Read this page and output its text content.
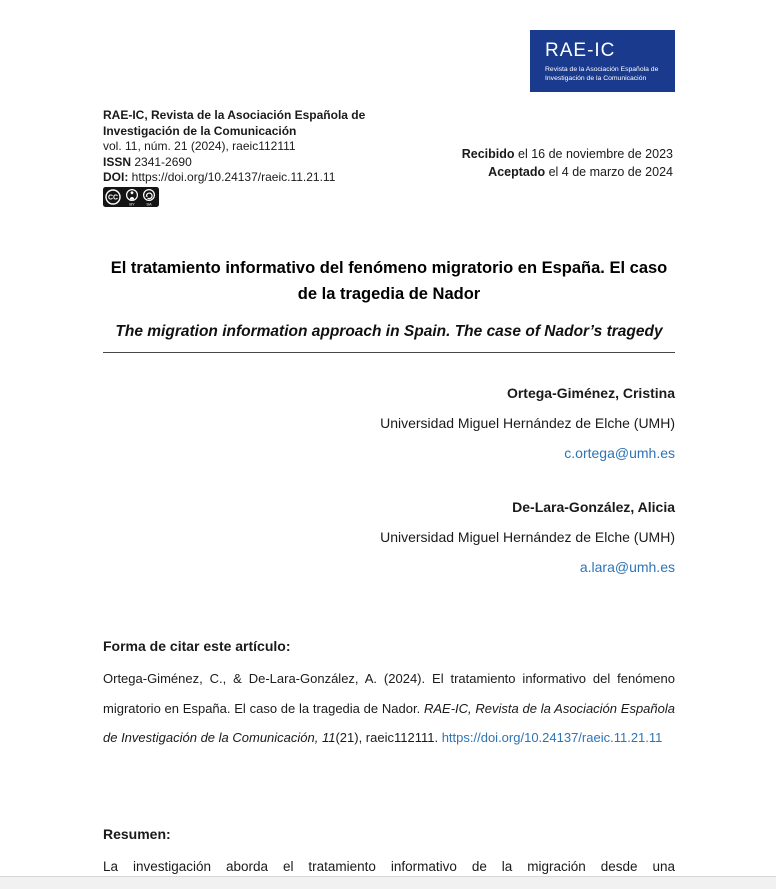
RAE-IC
Revista de la Asociación Española de Investigación de la Comunicación
RAE-IC, Revista de la Asociación Española de Investigación de la Comunicación
vol. 11, núm. 21 (2024), raeic112111
ISSN 2341-2690
DOI: https://doi.org/10.24137/raeic.11.21.11
Recibido el 16 de noviembre de 2023
Aceptado el 4 de marzo de 2024
CC
BY	SA
El tratamiento informativo del fenómeno migratorio en España. El caso de la tragedia de Nador
The migration information approach in Spain. The case of Nador’s tragedy
Ortega-Giménez, Cristina
Universidad Miguel Hernández de Elche (UMH)
c.ortega@umh.es
De-Lara-González, Alicia
Universidad Miguel Hernández de Elche (UMH)
a.lara@umh.es
Forma de citar este artículo:

Ortega-Giménez, C., & De-Lara-González, A. (2024). El tratamiento informativo del fenómeno migratorio en España. El caso de la tragedia de Nador. RAE-IC, Revista de la Asociación Española de Investigación de la Comunicación, 11(21), raeic112111. https://doi.org/10.24137/raeic.11.21.11

Resumen:

La investigación aborda el tratamiento informativo de la migración desde una
